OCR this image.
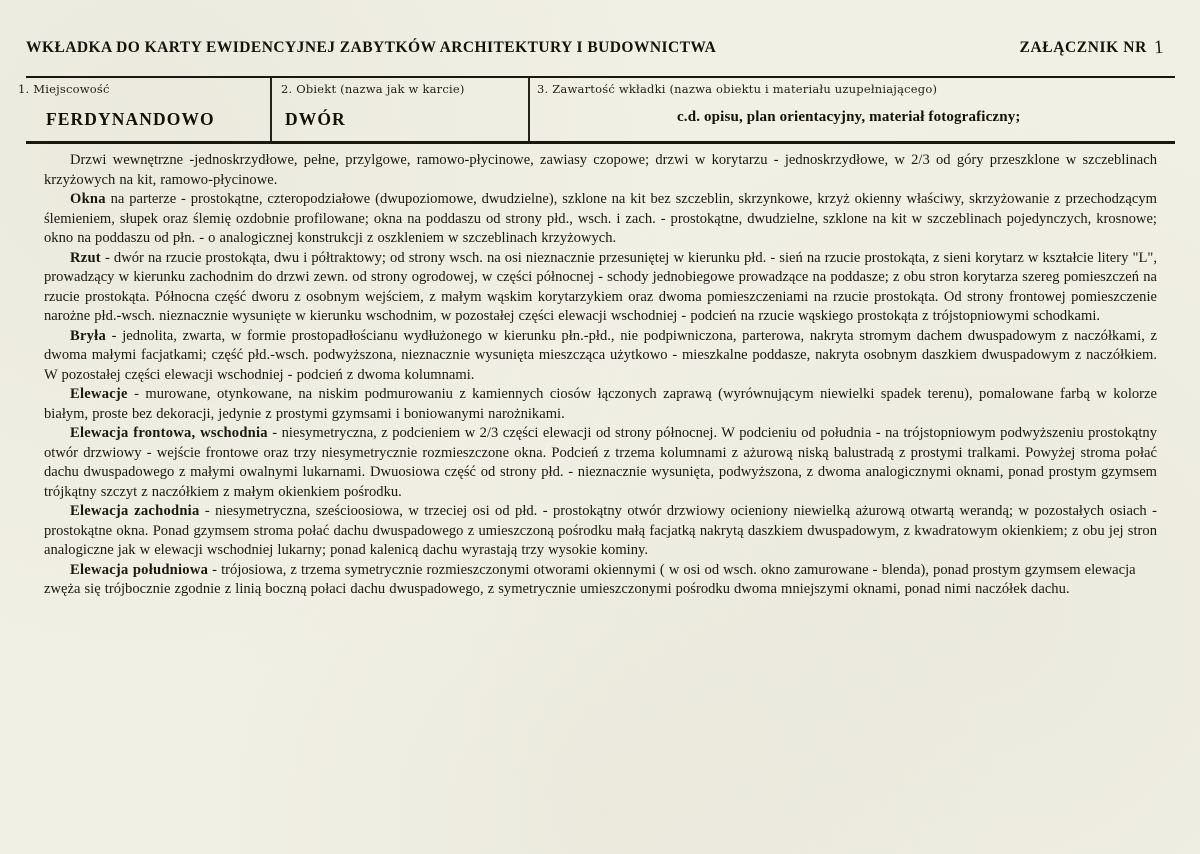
WKŁADKA DO KARTY EWIDENCYJNEJ ZABYTKÓW ARCHITEKTURY I BUDOWNICTWA	ZAŁĄCZNIK NR 1
1. Miejscowość
FERDYNANDOWO
2. Obiekt (nazwa jak w karcie)
DWÓR
3. Zawartość wkładki (nazwa obiektu i materiału uzupełniającego)
c.d. opisu, plan orientacyjny, materiał fotograficzny;

Drzwi wewnętrzne -jednoskrzydłowe, pełne, przylgowe, ramowo-płycinowe, zawiasy czopowe; drzwi w korytarzu - jednoskrzydłowe, w 2/3 od góry przeszklone w szczeblinach krzyżowych na kit, ramowo-płycinowe.

Okna na parterze - prostokątne, czteropodziałowe (dwupoziomowe, dwudzielne), szklone na kit bez szczeblin, skrzynkowe, krzyż okienny właściwy, skrzyżowanie z przechodzącym ślemieniem, słupek oraz ślemię ozdobnie profilowane; okna na poddaszu od strony płd., wsch. i zach. - prostokątne, dwudzielne, szklone na kit w szczeblinach pojedynczych, krosnowe; okno na poddaszu od płn. - o analogicznej konstrukcji z oszkleniem w szczeblinach krzyżowych.

Rzut - dwór na rzucie prostokąta, dwu i półtraktowy; od strony wsch. na osi nieznacznie przesuniętej w kierunku płd. - sień na rzucie prostokąta, z sieni korytarz w kształcie litery "L", prowadzący w kierunku zachodnim do drzwi zewn. od strony ogrodowej, w części północnej - schody jednobiegowe prowadzące na poddasze; z obu stron korytarza szereg pomieszczeń na rzucie prostokąta. Północna część dworu z osobnym wejściem, z małym wąskim korytarzykiem oraz dwoma pomieszczeniami na rzucie prostokąta. Od strony frontowej pomieszczenie narożne płd.-wsch. nieznacznie wysunięte w kierunku wschodnim, w pozostałej części elewacji wschodniej - podcień na rzucie wąskiego prostokąta z trójstopniowymi schodkami.

Bryła - jednolita, zwarta, w formie prostopadłościanu wydłużonego w kierunku płn.-płd., nie podpiwniczona, parterowa, nakryta stromym dachem dwuspadowym z naczółkami, z dwoma małymi facjatkami; część płd.-wsch. podwyższona, nieznacznie wysunięta mieszcząca użytkowo - mieszkalne poddasze, nakryta osobnym daszkiem dwuspadowym z naczółkiem. W pozostałej części elewacji wschodniej - podcień z dwoma kolumnami.

Elewacje - murowane, otynkowane, na niskim podmurowaniu z kamiennych ciosów łączonych zaprawą (wyrównującym niewielki spadek terenu), pomalowane farbą w kolorze białym, proste bez dekoracji, jedynie z prostymi gzymsami i boniowanymi narożnikami.

Elewacja frontowa, wschodnia - niesymetryczna, z podcieniem w 2/3 części elewacji od strony północnej. W podcieniu od południa - na trójstopniowym podwyższeniu prostokątny otwór drzwiowy - wejście frontowe oraz trzy niesymetrycznie rozmieszczone okna. Podcień z trzema kolumnami z ażurową niską balustradą z prostymi tralkami. Powyżej stroma połać dachu dwuspadowego z małymi owalnymi lukarnami. Dwuosiowa część od strony płd. - nieznacznie wysunięta, podwyższona, z dwoma analogicznymi oknami, ponad prostym gzymsem trójkątny szczyt z naczółkiem z małym okienkiem pośrodku.

Elewacja zachodnia - niesymetryczna, sześcioosiowa, w trzeciej osi od płd. - prostokątny otwór drzwiowy ocieniony niewielką ażurową otwartą werandą; w pozostałych osiach - prostokątne okna. Ponad gzymsem stroma połać dachu dwuspadowego z umieszczoną pośrodku małą facjatką nakrytą daszkiem dwuspadowym, z kwadratowym okienkiem; z obu jej stron analogiczne jak w elewacji wschodniej lukarny; ponad kalenicą dachu wyrastają trzy wysokie kominy.

Elewacja południowa - trójosiowa, z trzema symetrycznie rozmieszczonymi otworami okiennymi ( w osi od wsch. okno zamurowane - blenda), ponad prostym gzymsem elewacja zwęża się trójbocznie zgodnie z linią boczną połaci dachu dwuspadowego, z symetrycznie umieszczonymi pośrodku dwoma mniejszymi oknami, ponad nimi naczółek dachu.
